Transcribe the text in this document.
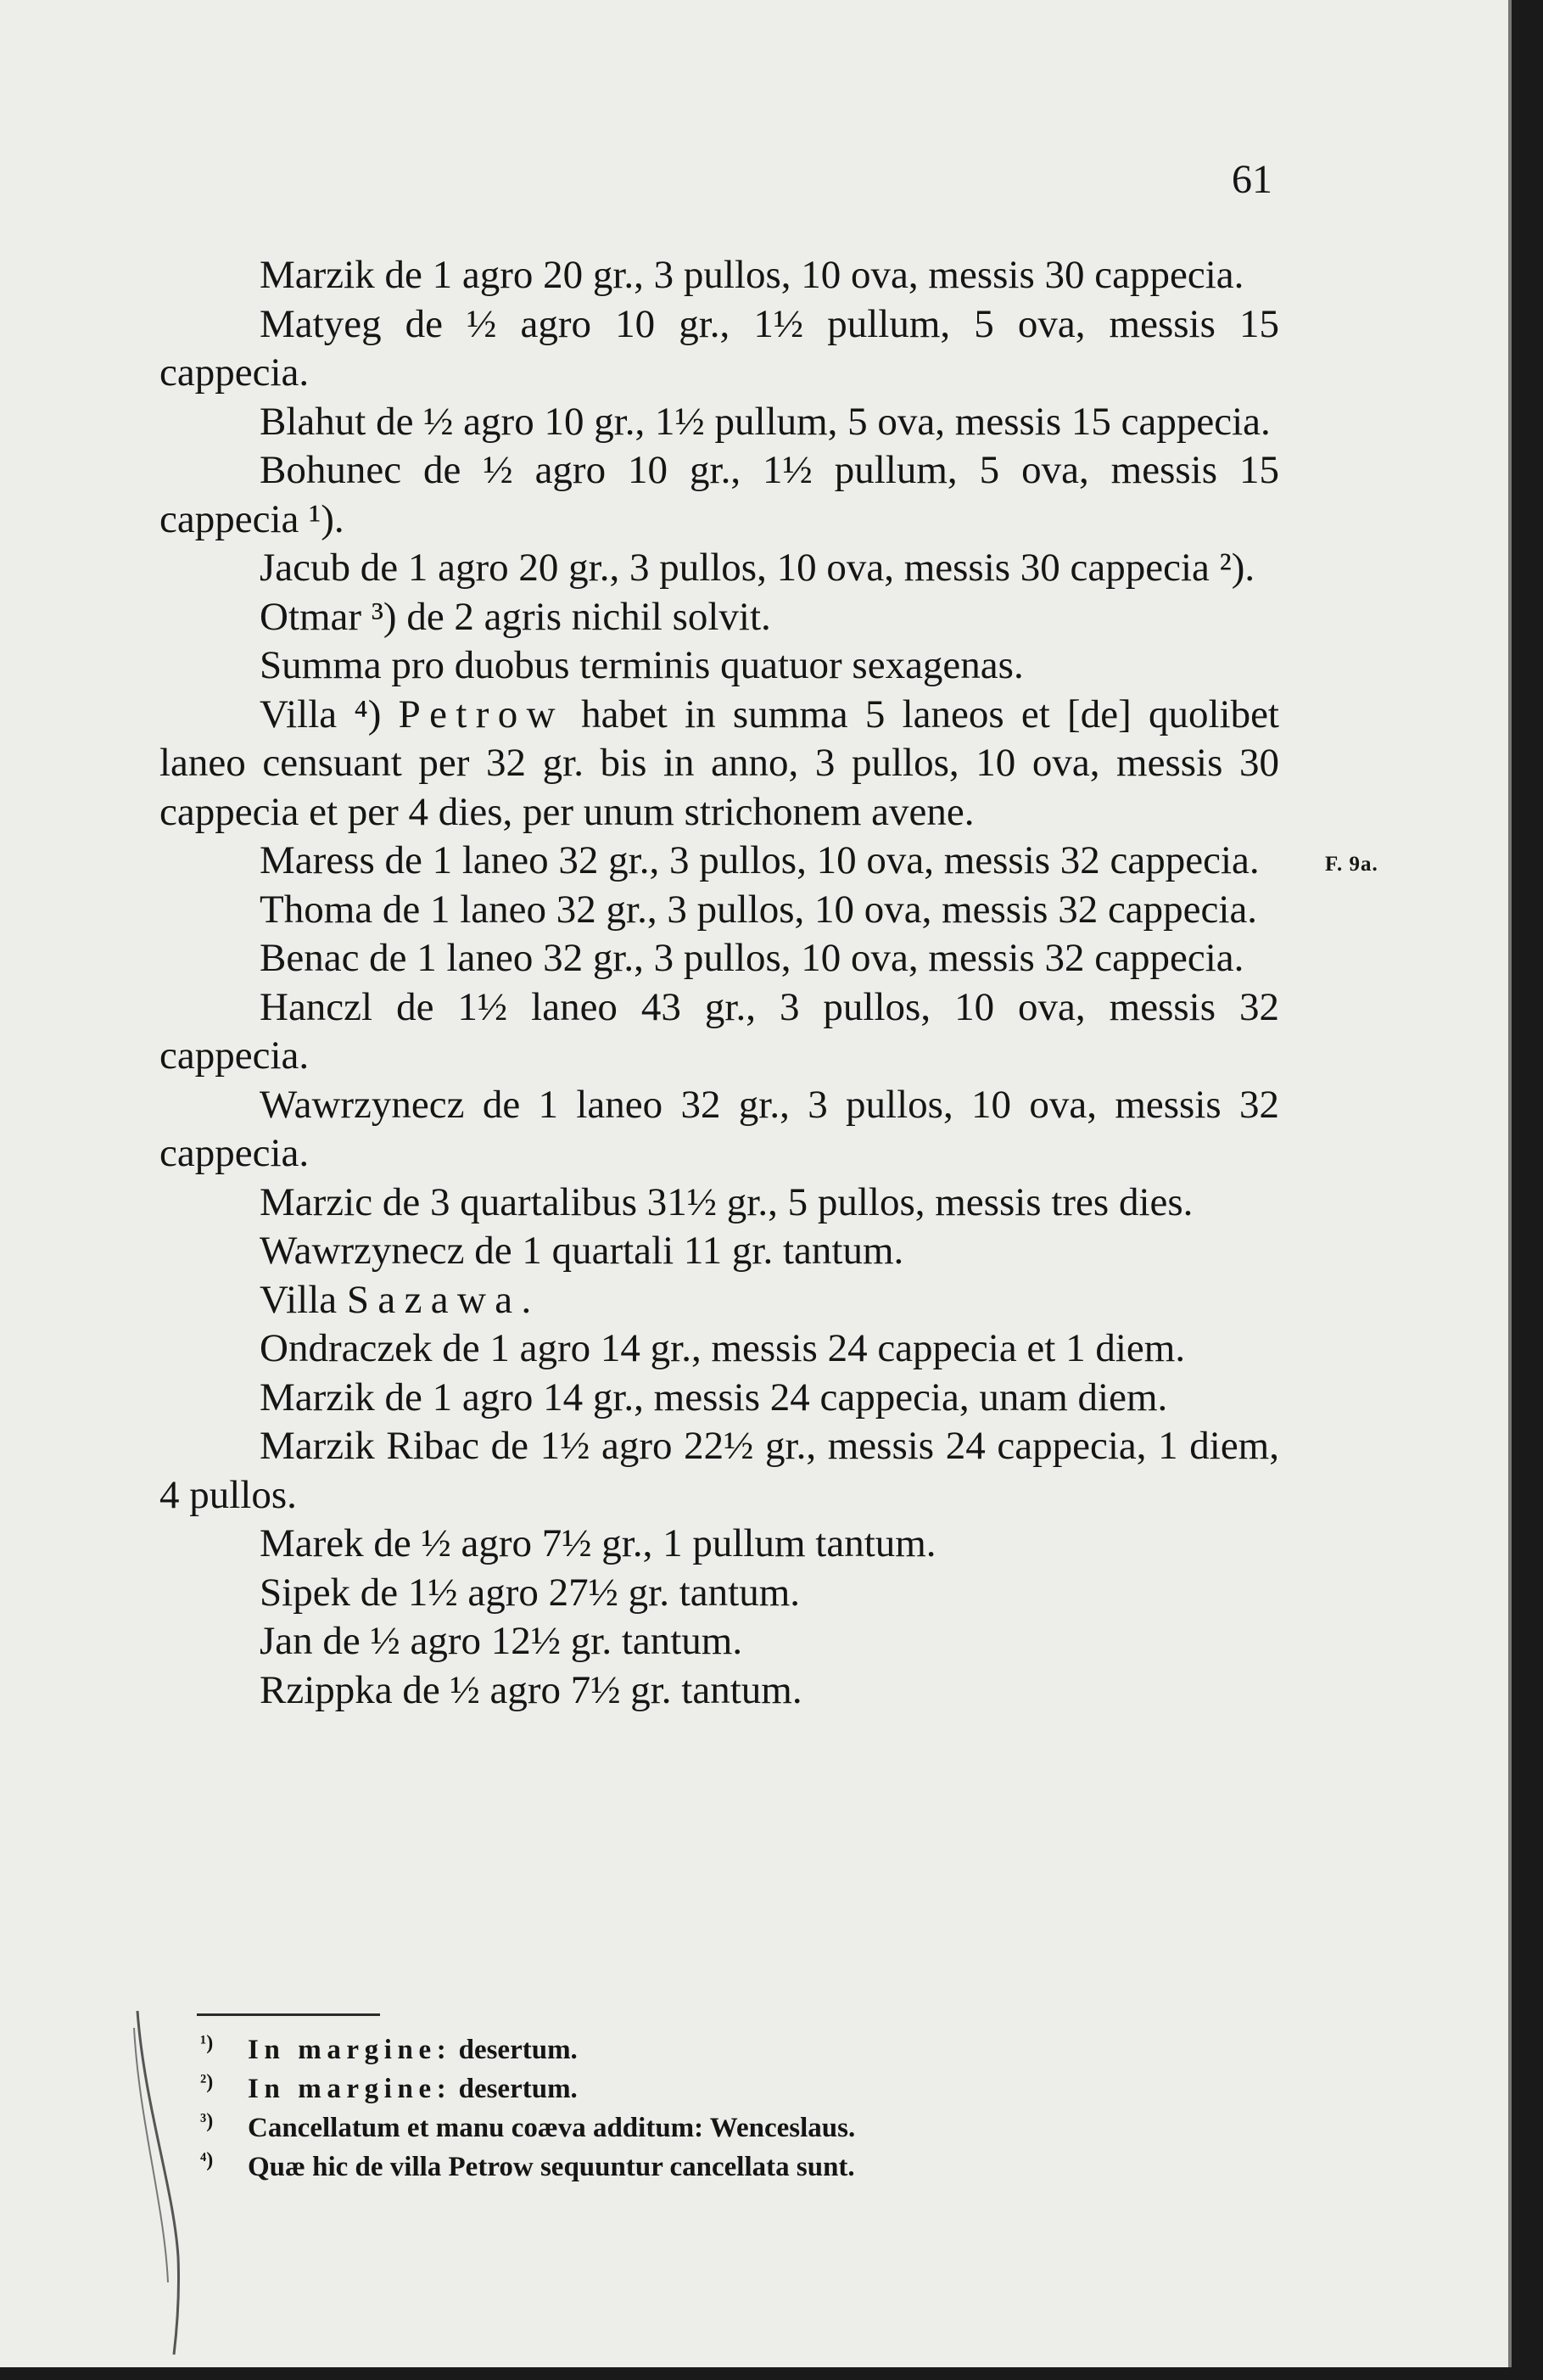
61
F. 9a.

Marzik de 1 agro 20 gr., 3 pullos, 10 ova, messis 30 cappecia.

Matyeg de ½ agro 10 gr., 1½ pullum, 5 ova, messis 15 cappecia.

Blahut de ½ agro 10 gr., 1½ pullum, 5 ova, messis 15 cappecia.

Bohunec de ½ agro 10 gr., 1½ pullum, 5 ova, messis 15 cappecia ¹).

Jacub de 1 agro 20 gr., 3 pullos, 10 ova, messis 30 cappecia ²).

Otmar ³) de 2 agris nichil solvit.

Summa pro duobus terminis quatuor sexagenas.

Villa ⁴) Petrow habet in summa 5 laneos et [de] quolibet laneo censuant per 32 gr. bis in anno, 3 pullos, 10 ova, messis 30 cappecia et per 4 dies, per unum strichonem avene.

Maress de 1 laneo 32 gr., 3 pullos, 10 ova, messis 32 cappecia.

Thoma de 1 laneo 32 gr., 3 pullos, 10 ova, messis 32 cappecia.

Benac de 1 laneo 32 gr., 3 pullos, 10 ova, messis 32 cappecia.

Hanczl de 1½ laneo 43 gr., 3 pullos, 10 ova, messis 32 cappecia.

Wawrzynecz de 1 laneo 32 gr., 3 pullos, 10 ova, messis 32 cappecia.

Marzic de 3 quartalibus 31½ gr., 5 pullos, messis tres dies.

Wawrzynecz de 1 quartali 11 gr. tantum.

Villa Sazawa.

Ondraczek de 1 agro 14 gr., messis 24 cappecia et 1 diem.

Marzik de 1 agro 14 gr., messis 24 cappecia, unam diem.

Marzik Ribac de 1½ agro 22½ gr., messis 24 cappecia, 1 diem, 4 pullos.

Marek de ½ agro 7½ gr., 1 pullum tantum.

Sipek de 1½ agro 27½ gr. tantum.

Jan de ½ agro 12½ gr. tantum.

Rzippka de ½ agro 7½ gr. tantum.

¹) In margine: desertum.

²) In margine: desertum.

³) Cancellatum et manu coæva additum: Wenceslaus.

⁴) Quæ hic de villa Petrow sequuntur cancellata sunt.
